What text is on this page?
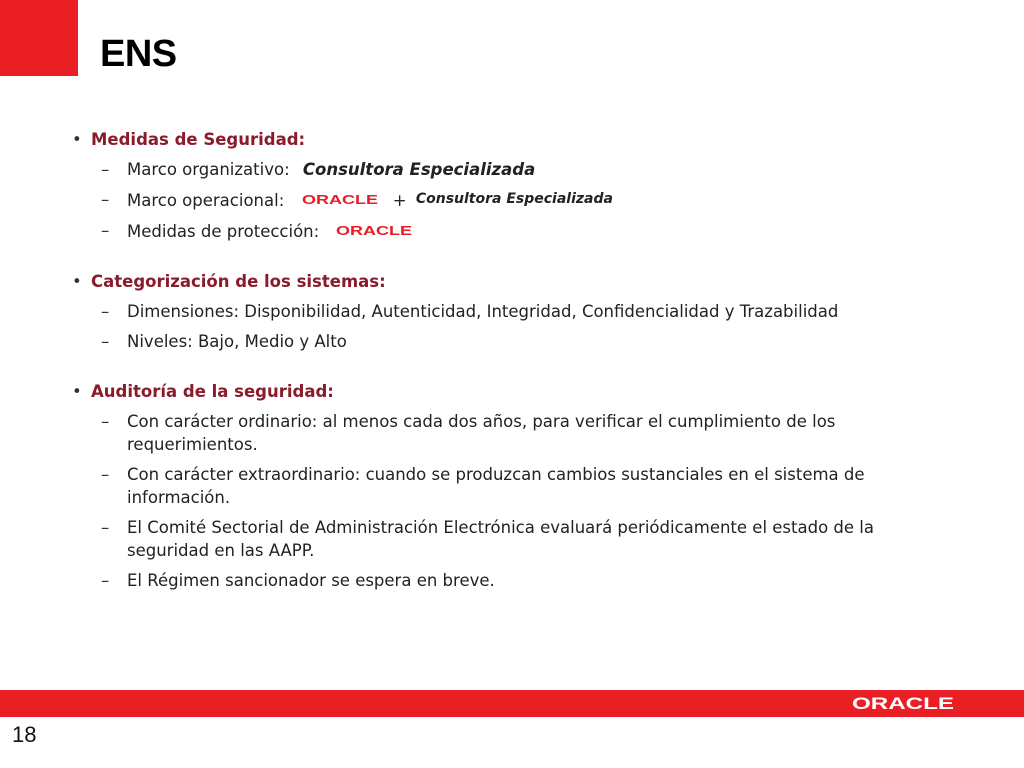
ENS
• Medidas de Seguridad:
– Marco organizativo: Consultora Especializada
– Marco operacional: ORACLE + Consultora Especializada
– Medidas de protección: ORACLE
• Categorización de los sistemas:
– Dimensiones: Disponibilidad, Autenticidad, Integridad, Confidencialidad y Trazabilidad
– Niveles: Bajo, Medio y Alto
• Auditoría de la seguridad:
– Con carácter ordinario: al menos cada dos años, para verificar el cumplimiento de los requerimientos.
– Con carácter extraordinario: cuando se produzcan cambios sustanciales en el sistema de información.
– El Comité Sectorial de Administración Electrónica evaluará periódicamente el estado de la seguridad en las AAPP.
– El Régimen sancionador se espera en breve.
ORACLE
18
